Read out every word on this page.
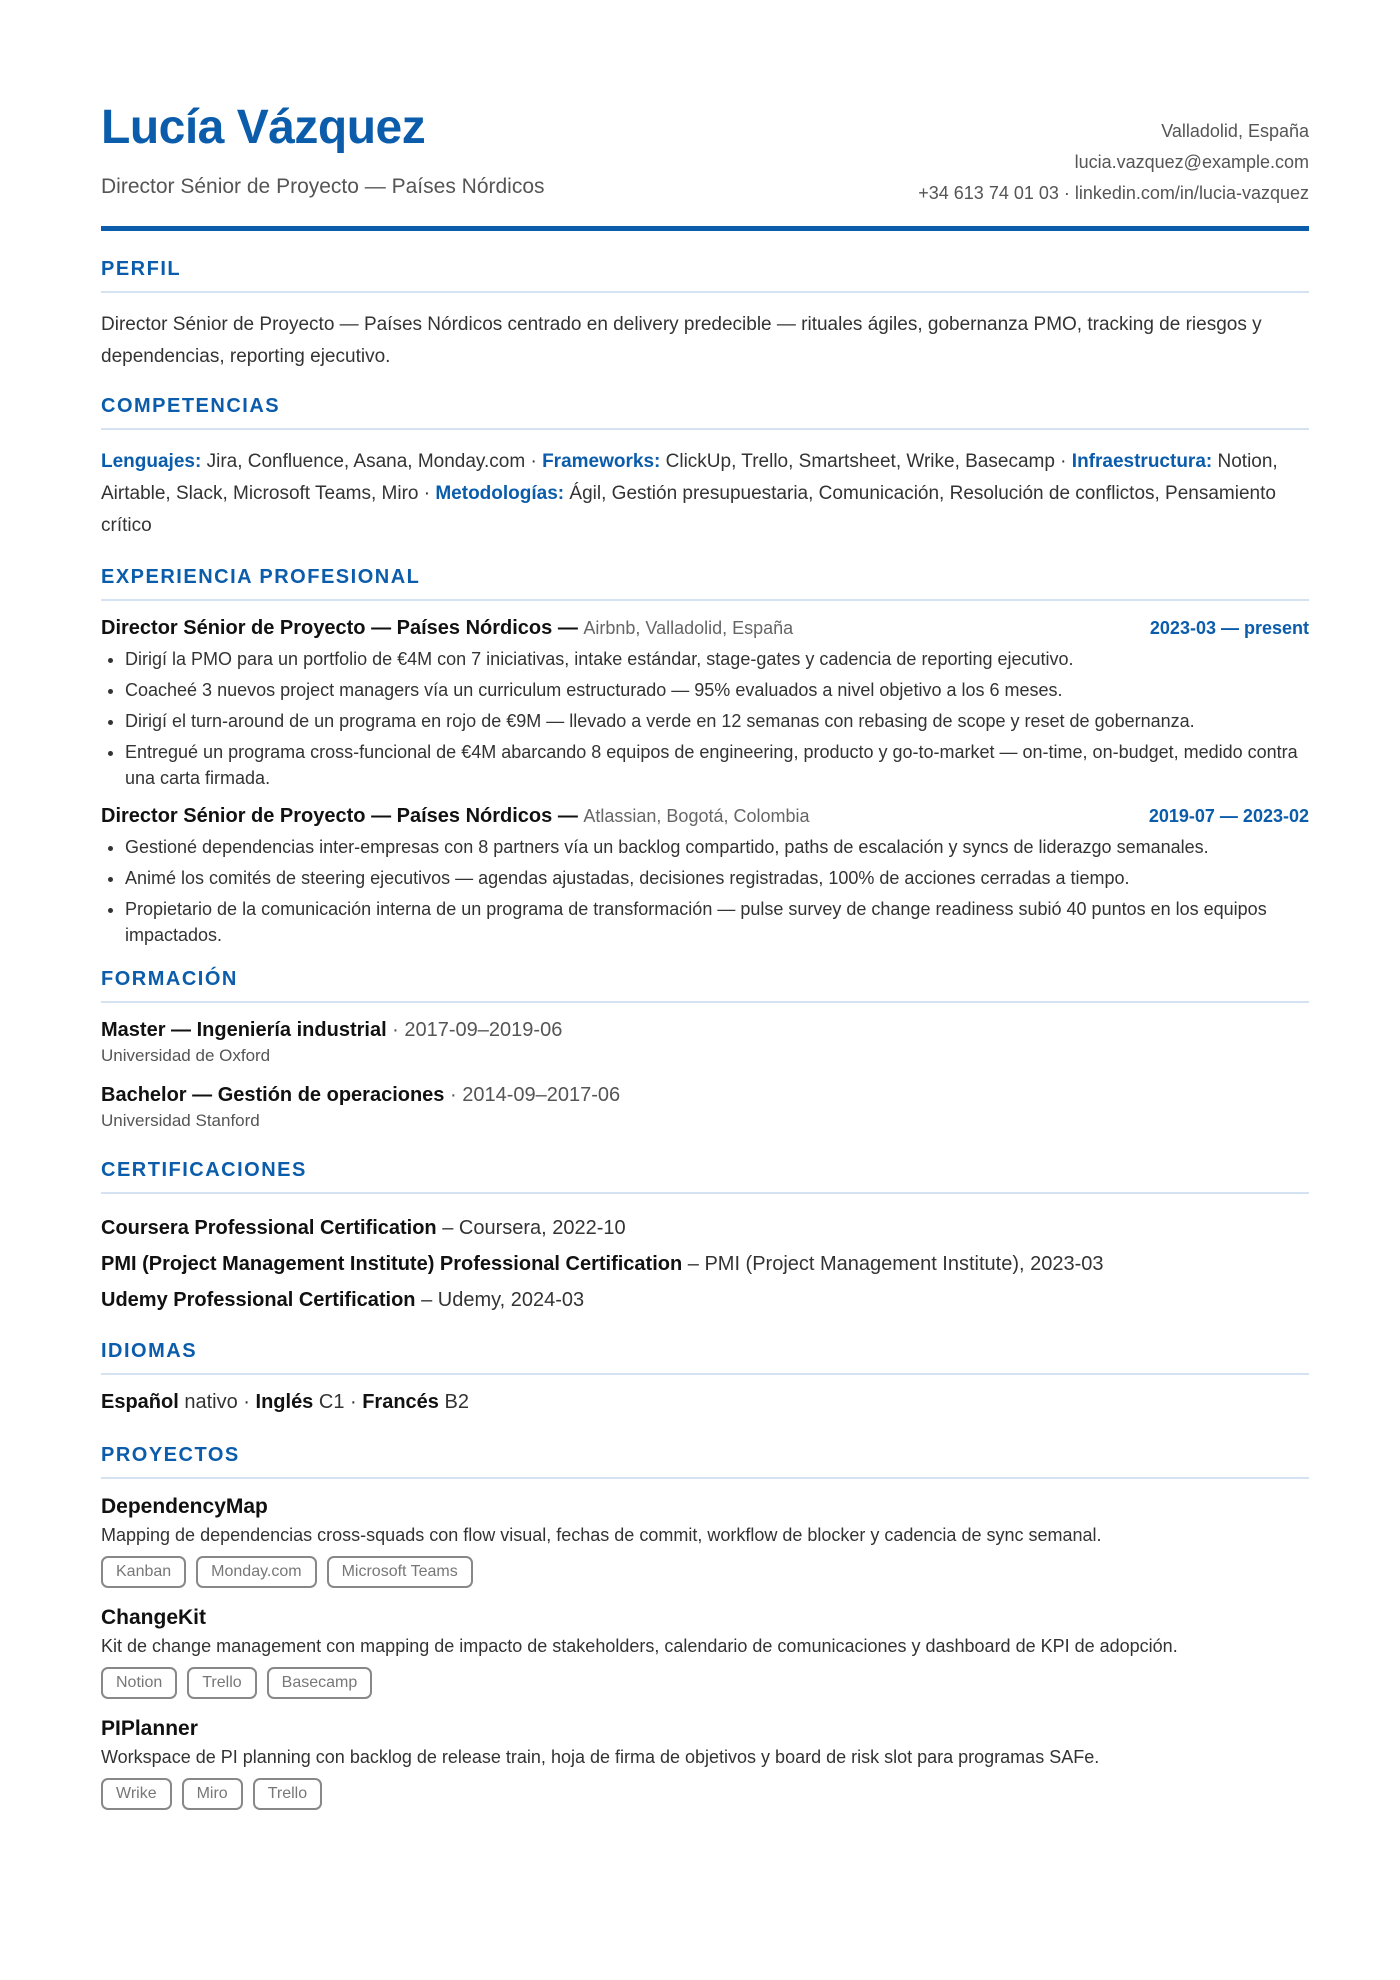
Lucía Vázquez
Director Sénior de Proyecto — Países Nórdicos
Valladolid, España
lucia.vazquez@example.com
+34 613 74 01 03 · linkedin.com/in/lucia-vazquez
PERFIL
Director Sénior de Proyecto — Países Nórdicos centrado en delivery predecible — rituales ágiles, gobernanza PMO, tracking de riesgos y dependencias, reporting ejecutivo.
COMPETENCIAS
Lenguajes: Jira, Confluence, Asana, Monday.com · Frameworks: ClickUp, Trello, Smartsheet, Wrike, Basecamp · Infraestructura: Notion, Airtable, Slack, Microsoft Teams, Miro · Metodologías: Ágil, Gestión presupuestaria, Comunicación, Resolución de conflictos, Pensamiento crítico
EXPERIENCIA PROFESIONAL
Director Sénior de Proyecto — Países Nórdicos — Airbnb, Valladolid, España	2023-03 — present
• Dirigí la PMO para un portfolio de €4M con 7 iniciativas, intake estándar, stage-gates y cadencia de reporting ejecutivo.
• Coacheé 3 nuevos project managers vía un curriculum estructurado — 95% evaluados a nivel objetivo a los 6 meses.
• Dirigí el turn-around de un programa en rojo de €9M — llevado a verde en 12 semanas con rebasing de scope y reset de gobernanza.
• Entregué un programa cross-funcional de €4M abarcando 8 equipos de engineering, producto y go-to-market — on-time, on-budget, medido contra una carta firmada.
Director Sénior de Proyecto — Países Nórdicos — Atlassian, Bogotá, Colombia	2019-07 — 2023-02
• Gestioné dependencias inter-empresas con 8 partners vía un backlog compartido, paths de escalación y syncs de liderazgo semanales.
• Animé los comités de steering ejecutivos — agendas ajustadas, decisiones registradas, 100% de acciones cerradas a tiempo.
• Propietario de la comunicación interna de un programa de transformación — pulse survey de change readiness subió 40 puntos en los equipos impactados.
FORMACIÓN
Master — Ingeniería industrial · 2017-09–2019-06
Universidad de Oxford
Bachelor — Gestión de operaciones · 2014-09–2017-06
Universidad Stanford
CERTIFICACIONES
Coursera Professional Certification – Coursera, 2022-10
PMI (Project Management Institute) Professional Certification – PMI (Project Management Institute), 2023-03
Udemy Professional Certification – Udemy, 2024-03
IDIOMAS
Español nativo · Inglés C1 · Francés B2
PROYECTOS
DependencyMap
Mapping de dependencias cross-squads con flow visual, fechas de commit, workflow de blocker y cadencia de sync semanal.
Kanban	Monday.com	Microsoft Teams
ChangeKit
Kit de change management con mapping de impacto de stakeholders, calendario de comunicaciones y dashboard de KPI de adopción.
Notion	Trello	Basecamp
PIPlanner
Workspace de PI planning con backlog de release train, hoja de firma de objetivos y board de risk slot para programas SAFe.
Wrike	Miro	Trello
